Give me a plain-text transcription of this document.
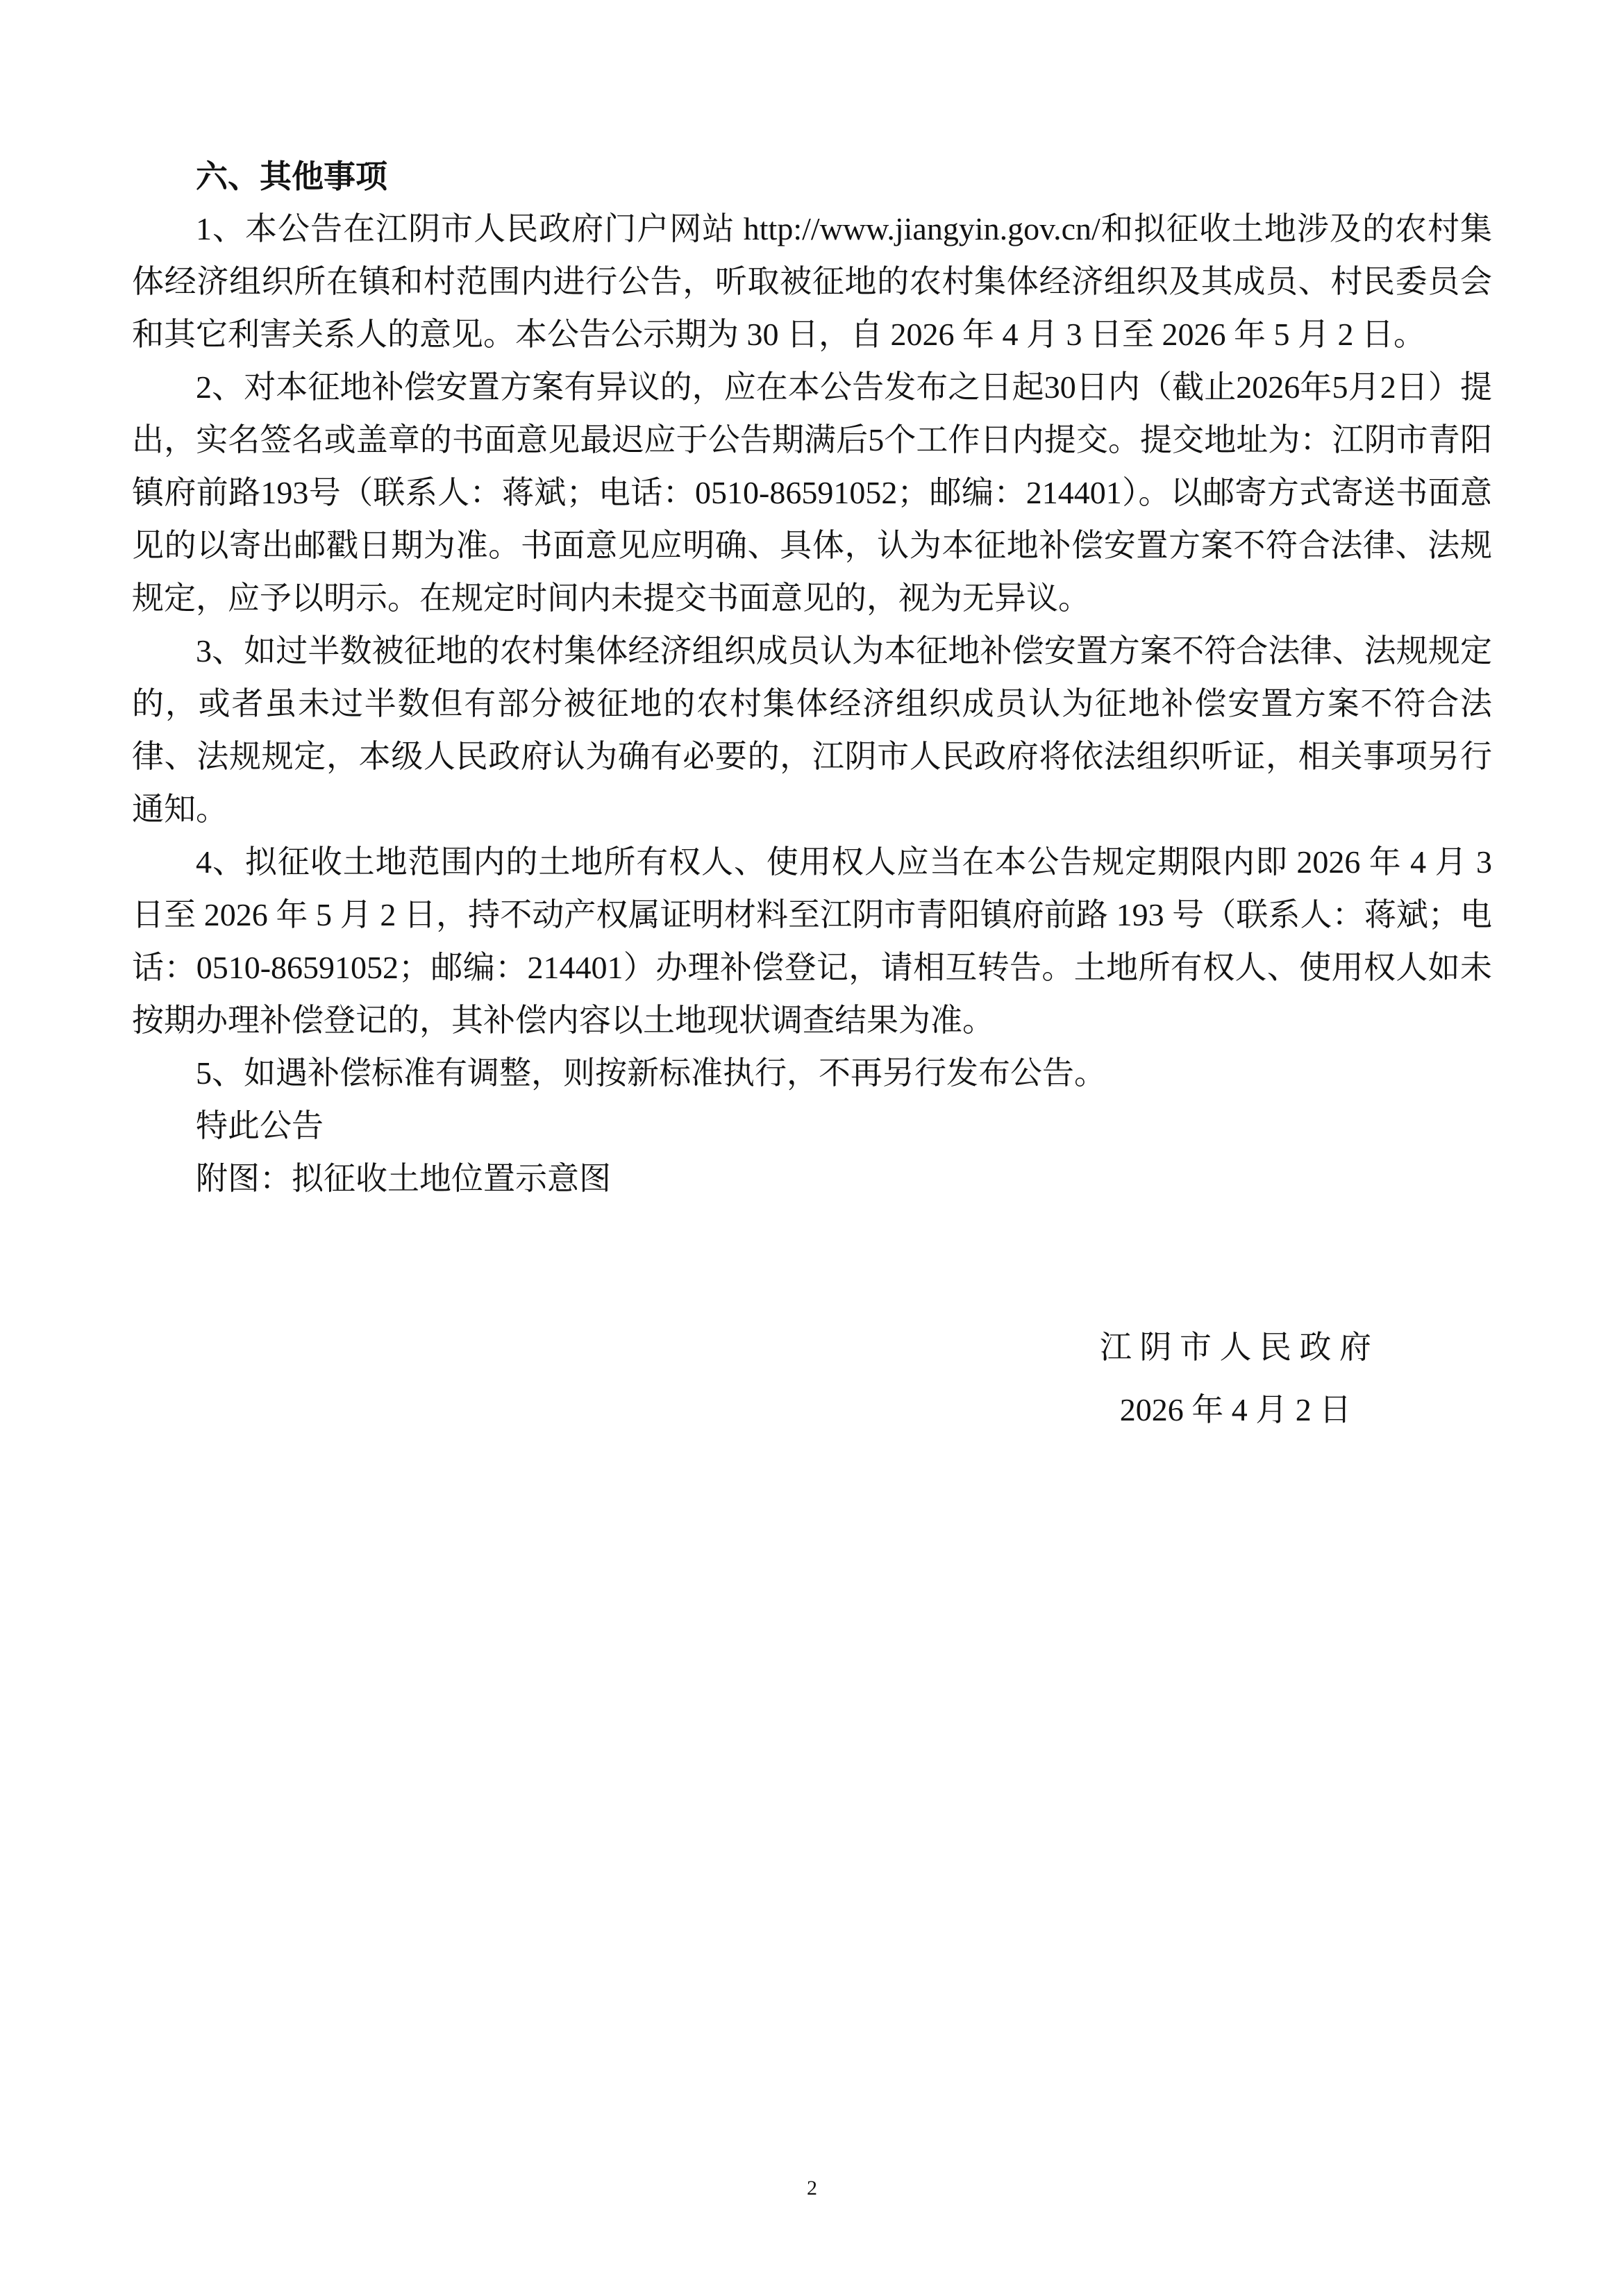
六、其他事项

1、本公告在江阴市人民政府门户网站 http://www.jiangyin.gov.cn/和拟征收土地涉及的农村集体经济组织所在镇和村范围内进行公告，听取被征地的农村集体经济组织及其成员、村民委员会和其它利害关系人的意见。本公告公示期为 30 日，自 2026 年 4 月 3 日至 2026 年 5 月 2 日。

2、对本征地补偿安置方案有异议的，应在本公告发布之日起30日内（截止2026年5月2日）提出，实名签名或盖章的书面意见最迟应于公告期满后5个工作日内提交。提交地址为：江阴市青阳镇府前路193号（联系人：蒋斌；电话：0510-86591052；邮编：214401）。以邮寄方式寄送书面意见的以寄出邮戳日期为准。书面意见应明确、具体，认为本征地补偿安置方案不符合法律、法规规定，应予以明示。在规定时间内未提交书面意见的，视为无异议。

3、如过半数被征地的农村集体经济组织成员认为本征地补偿安置方案不符合法律、法规规定的，或者虽未过半数但有部分被征地的农村集体经济组织成员认为征地补偿安置方案不符合法律、法规规定，本级人民政府认为确有必要的，江阴市人民政府将依法组织听证，相关事项另行通知。

4、拟征收土地范围内的土地所有权人、使用权人应当在本公告规定期限内即 2026 年 4 月 3 日至 2026 年 5 月 2 日，持不动产权属证明材料至江阴市青阳镇府前路 193 号（联系人：蒋斌；电话：0510-86591052；邮编：214401）办理补偿登记，请相互转告。土地所有权人、使用权人如未按期办理补偿登记的，其补偿内容以土地现状调查结果为准。

5、如遇补偿标准有调整，则按新标准执行，不再另行发布公告。

特此公告

附图：拟征收土地位置示意图

江 阴 市 人 民 政 府
2026 年 4 月 2 日
2
